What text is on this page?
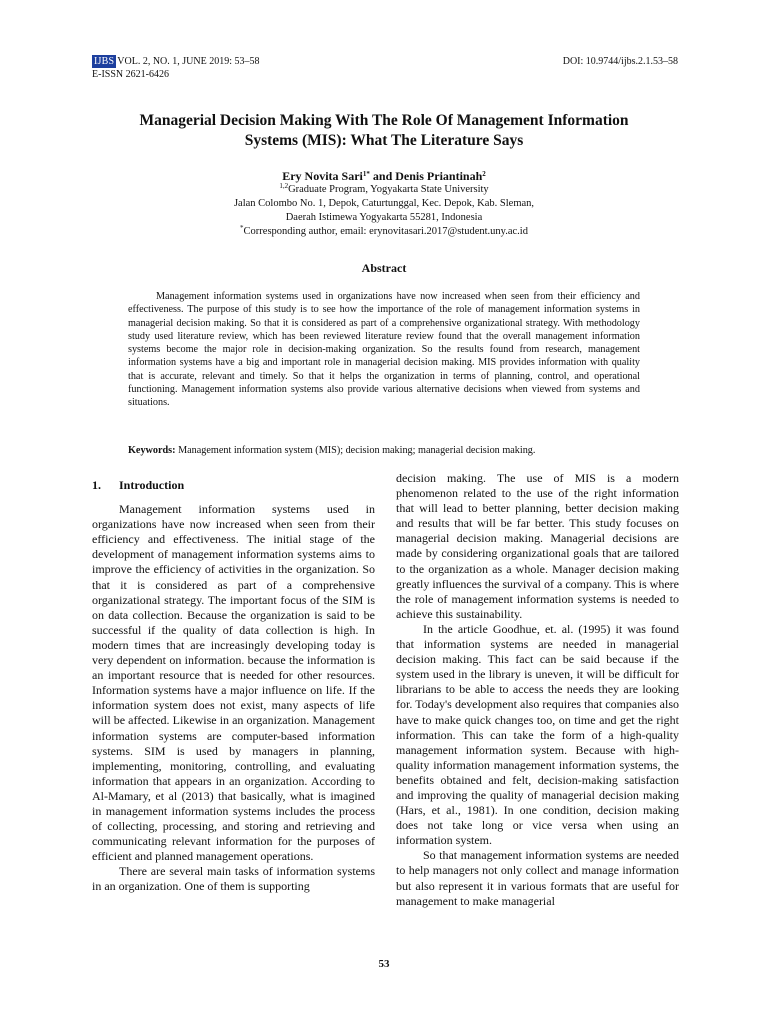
IJBS VOL. 2, NO. 1, JUNE 2019: 53–58
E-ISSN 2621-6426
DOI: 10.9744/ijbs.2.1.53–58
Managerial Decision Making With The Role Of Management Information
Systems (MIS): What The Literature Says
Ery Novita Sari$^{1*}$ and Denis Priantinah$^2$
$^{1,2}$Graduate Program, Yogyakarta State University
Jalan Colombo No. 1, Depok, Caturtunggal, Kec. Depok, Kab. Sleman,
Daerah Istimewa Yogyakarta 55281, Indonesia
*Corresponding author, email: erynovitasari.2017@student.uny.ac.id
Abstract
Management information systems used in organizations have now increased when seen from their efficiency and effectiveness. The purpose of this study is to see how the importance of the role of management information systems in managerial decision making. So that it is considered as part of a comprehensive organizational strategy. With methodology study used literature review, which has been reviewed literature review found that the overall management information systems become the major role in decision-making organization. So the results found from research, management information systems have a big and important role in managerial decision making. MIS provides information with quality that is accurate, relevant and timely. So that it helps the organization in terms of planning, control, and operational functioning. Management information systems also provide various alternative decisions when viewed from systems and situations.
Keywords: Management information system (MIS); decision making; managerial decision making.

1. Introduction

Management information systems used in organizations have now increased when seen from their efficiency and effectiveness. The initial stage of the development of management information systems aims to improve the efficiency of activities in the organization. So that it is considered as part of a comprehensive organizational strategy. The important focus of the SIM is on data collection. Because the organization is said to be successful if the quality of data collection is high. In modern times that are increasingly developing today is very dependent on information. because the information is an important resource that is needed for other resources. Information systems have a major influence on life. If the information system does not exist, many aspects of life will be affected. Likewise in an organization. Management information systems are computer-based information systems. SIM is used by managers in planning, implementing, monitoring, controlling, and evaluating information that appears in an organization. According to Al-Mamary, et al (2013) that basically, what is imagined in management information systems includes the process of collecting, processing, and storing and retrieving and communicating relevant information for the purposes of efficient and planned management operations.

There are several main tasks of information systems in an organization. One of them is supporting

decision making. The use of MIS is a modern phenomenon related to the use of the right information that will lead to better planning, better decision making and results that will be far better. This study focuses on managerial decision making. Managerial decisions are made by considering organizational goals that are tailored to the organization as a whole. Manager decision making greatly influences the survival of a company. This is where the role of management information systems is needed to achieve this sustainability.

In the article Goodhue, et. al. (1995) it was found that information systems are needed in managerial decision making. This fact can be said because if the system used in the library is uneven, it will be difficult for librarians to be able to access the needs they are looking for. Today's development also requires that companies also have to make quick changes too, on time and get the right information. This can take the form of a high-quality management information system. Because with high-quality information management information systems, the benefits obtained and felt, decision-making satisfaction and improving the quality of managerial decision making (Hars, et al., 1981). In one condition, decision making does not take long or vice versa when using an information system.

So that management information systems are needed to help managers not only collect and manage information but also represent it in various formats that are useful for management to make managerial

53
